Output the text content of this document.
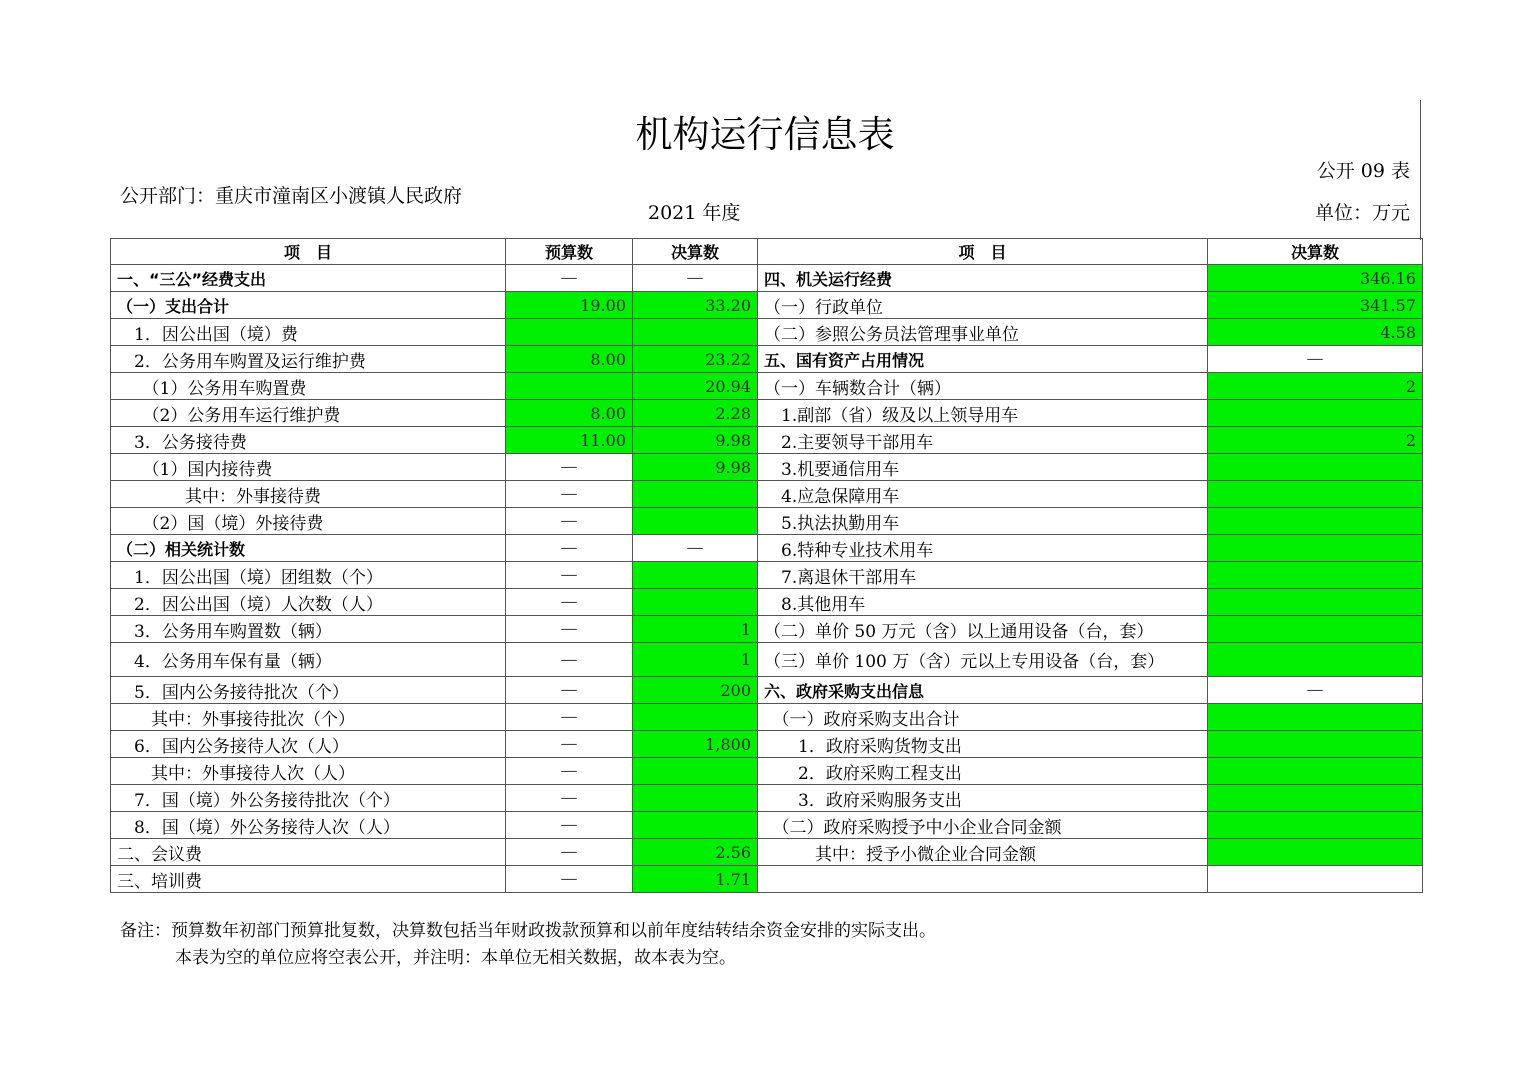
机构运行信息表
公开 09 表
公开部门：重庆市潼南区小渡镇人民政府
2021 年度	单位：万元
项　目	预算数	决算数	项　目	决算数
一、“三公”经费支出	—	—	四、机关运行经费	346.16
（一）支出合计	19.00	33.20	（一）行政单位	341.57
　1．因公出国（境）费			（二）参照公务员法管理事业单位	4.58
　2．公务用车购置及运行维护费	8.00	23.22	五、国有资产占用情况	—
　　（1）公务用车购置费		20.94	（一）车辆数合计（辆）	2
　　（2）公务用车运行维护费	8.00	2.28	　1.副部（省）级及以上领导用车	
　3．公务接待费	11.00	9.98	　2.主要领导干部用车	2
　　（1）国内接待费	—	9.98	　3.机要通信用车	
　　　　其中：外事接待费	—		　4.应急保障用车	
　　（2）国（境）外接待费	—		　5.执法执勤用车	
（二）相关统计数	—	—	　6.特种专业技术用车	
　1．因公出国（境）团组数（个）	—		　7.离退休干部用车	
　2．因公出国（境）人次数（人）	—		　8.其他用车	
　3．公务用车购置数（辆）	—	1	（二）单价 50 万元（含）以上通用设备（台，套）	
　4．公务用车保有量（辆）	—	1	（三）单价 100 万（含）元以上专用设备（台，套）	
　5．国内公务接待批次（个）	—	200	六、政府采购支出信息	—
　　其中：外事接待批次（个）	—		　（一）政府采购支出合计	
　6．国内公务接待人次（人）	—	1,800	　　1．政府采购货物支出	
　　其中：外事接待人次（人）	—		　　2．政府采购工程支出	
　7．国（境）外公务接待批次（个）	—		　　3．政府采购服务支出	
　8．国（境）外公务接待人次（人）	—		　（二）政府采购授予中小企业合同金额	
二、会议费	—	2.56	　　　其中：授予小微企业合同金额	
三、培训费	—	1.71		
备注：预算数年初部门预算批复数，决算数包括当年财政拨款预算和以前年度结转结余资金安排的实际支出。
本表为空的单位应将空表公开，并注明：本单位无相关数据，故本表为空。
